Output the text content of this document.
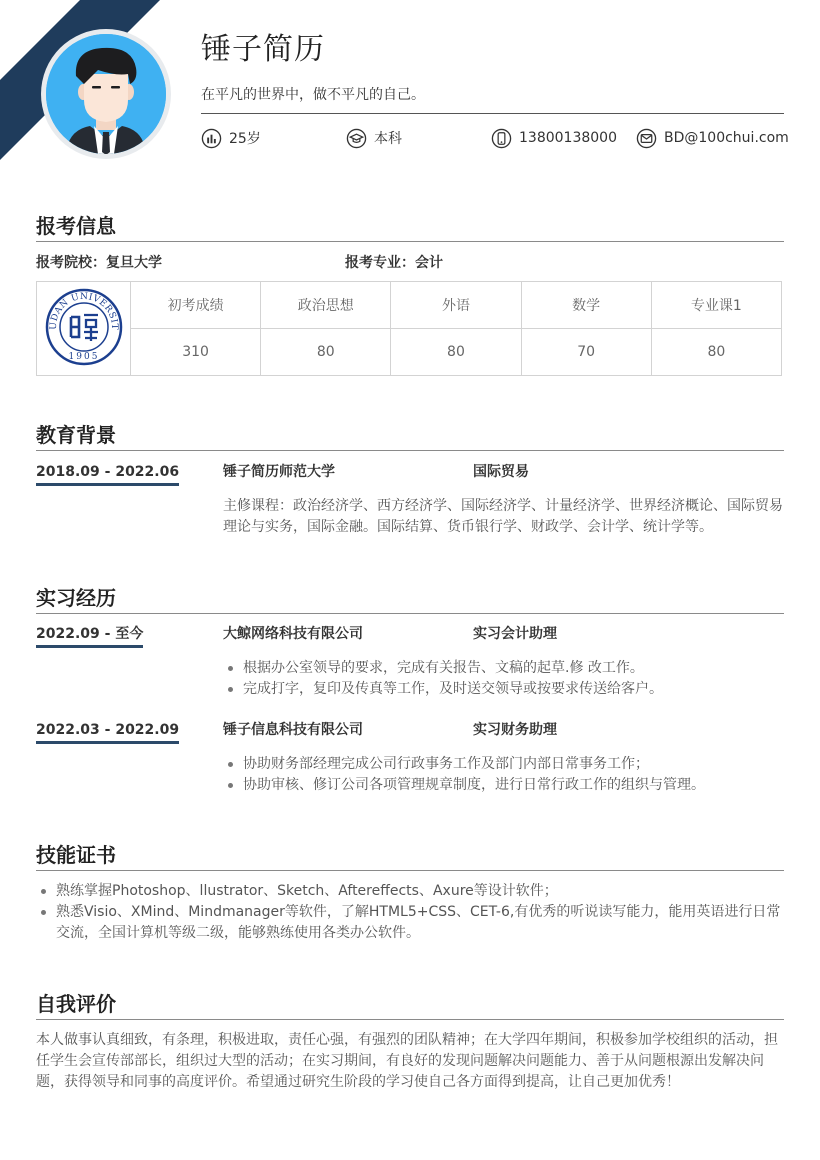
锤子简历
在平凡的世界中，做不平凡的自己。
25岁	本科	13800138000	BD@100chui.com
报考信息
报考院校：复旦大学	报考专业：会计
UDAN UNIVERSIT
1905	初考成绩	政治思想	外语	数学	专业课1
	310	80	80	70	80
教育背景
2018.09 - 2022.06	锤子简历师范大学	国际贸易
主修课程：政治经济学、西方经济学、国际经济学、计量经济学、世界经济概论、国际贸易理论与实务，国际金融。国际结算、货币银行学、财政学、会计学、统计学等。
实习经历
2022.09 - 至今	大鲸网络科技有限公司	实习会计助理
根据办公室领导的要求，完成有关报告、文稿的起草.修 改工作。
完成打字，复印及传真等工作，及时送交领导或按要求传送给客户。
2022.03 - 2022.09	锤子信息科技有限公司	实习财务助理
协助财务部经理完成公司行政事务工作及部门内部日常事务工作；
协助审核、修订公司各项管理规章制度，进行日常行政工作的组织与管理。
技能证书
熟练掌握Photoshop、llustrator、Sketch、Aftereffects、Axure等设计软件；
熟悉Visio、XMind、Mindmanager等软件，了解HTML5+CSS、CET-6,有优秀的听说读写能力，能用英语进行日常交流，全国计算机等级二级，能够熟练使用各类办公软件。
自我评价
本人做事认真细致，有条理，积极进取，责任心强，有强烈的团队精神；在大学四年期间，积极参加学校组织的活动，担任学生会宣传部部长，组织过大型的活动；在实习期间，有良好的发现问题解决问题能力、善于从问题根源出发解决问题，获得领导和同事的高度评价。希望通过研究生阶段的学习使自己各方面得到提高，让自己更加优秀！
